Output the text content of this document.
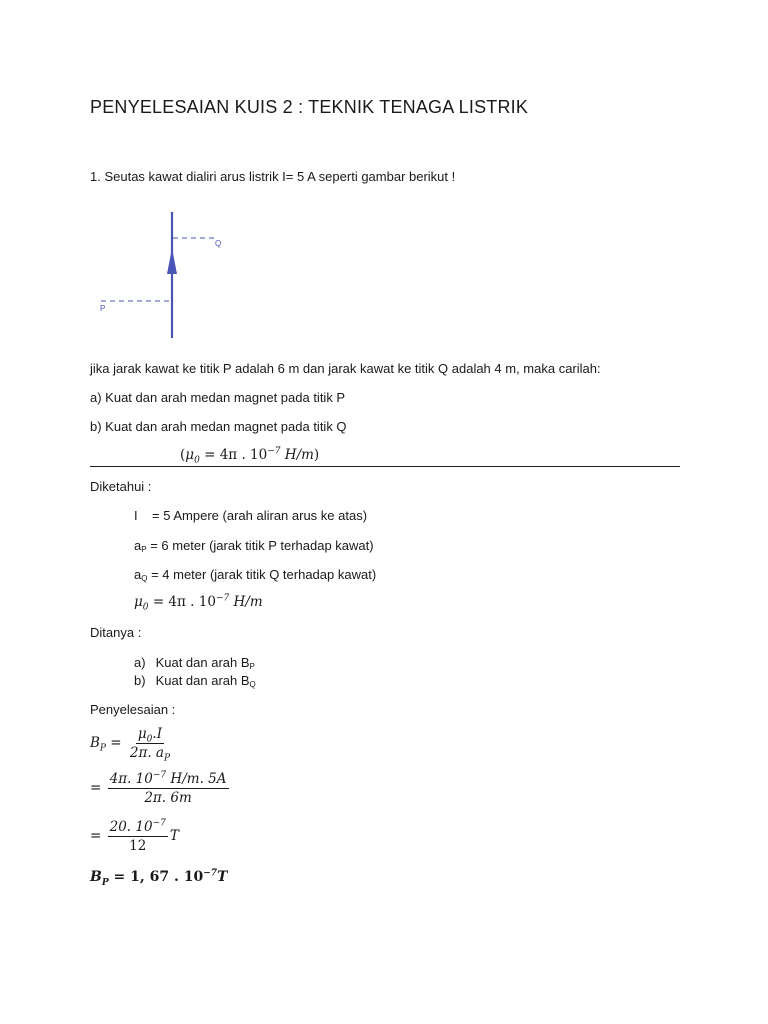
PENYELESAIAN KUIS 2 : TEKNIK TENAGA LISTRIK
1. Seutas kawat dialiri arus listrik I= 5 A seperti gambar berikut !
Q
P
jika jarak kawat ke titik P adalah 6 m dan jarak kawat ke titik Q adalah 4 m, maka carilah:
a) Kuat dan arah medan magnet pada titik P
b) Kuat dan arah medan magnet pada titik Q
($\mu_0 = 4\pi$ . $10^{-7}$ H/m)
Diketahui :
I    = 5 Ampere (arah aliran arus ke atas)
aP = 6 meter (jarak titik P terhadap kawat)
aQ = 4 meter (jarak titik Q terhadap kawat)
$\mu_0 = 4\pi$ . $10^{-7}$ H/m
Ditanya :
a) Kuat dan arah BP
b) Kuat dan arah BQ
Penyelesaian :
$B_P = \frac{\mu_0.I}{2\pi. a_P}$
= $\frac{4\pi. 10^{-7} H/m. 5A}{2\pi. 6m}$
= $\frac{20. 10^{-7}}{12}$ T
$B_P = 1$, 67 . $10^{-7}T$
